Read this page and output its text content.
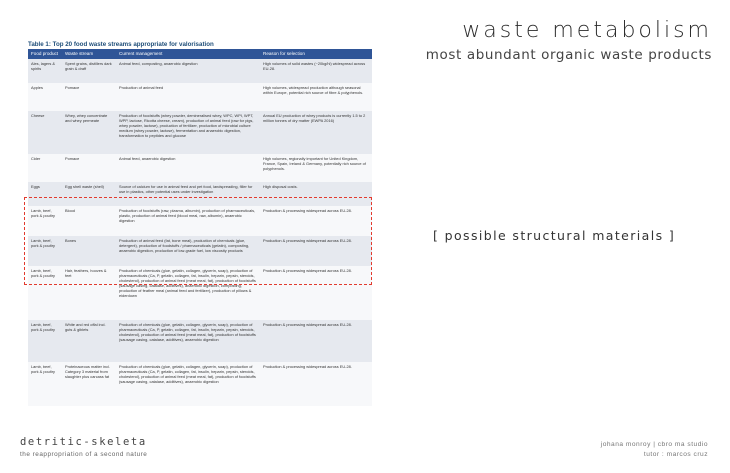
waste metabolism
most abundant organic waste products
Table 1: Top 20 food waste streams appropriate for valorisation
Food product	Waste stream	Current management	Reason for selection
Ales, lagers & spirits	Spent grains, distillers dark grain & draff	Animal feed, composting, anaerobic digestion	High volumes of solid wastes (~20kg/hl) widespread across EU-28.
Apples	Pomace	Production of animal feed	High volumes, widespread production although seasonal within Europe, potential rich source of fibre & polyphenols.
Cheese	Whey, whey concentrate and whey permeate	Production of foodstuffs (whey powder, demineralised whey, WPC, WPI, WPT, WPP, lactose, Ricotta cheese, cream), production of animal feed (raw for pigs, whey powder, lactose), production of fertilizer, production of microbial culture medium (whey powder, lactose), fermentation and anaerobic digestion, transformation to peptides and glucose	Annual EU production of whey products is currently 1.5 to 2 million tonnes of dry matter (EWPA 2016)
Cider	Pomace	Animal feed, anaerobic digestion	High volumes, regionally important for United Kingdom, France, Spain, Ireland & Germany, potentially rich source of polyphenols.
Eggs	Egg shell waste (shell)	Source of calcium for use in animal feed and pet food, landspreading, filler for use in plastics, other potential uses under investigation	High disposal costs.
Lamb, beef, pork & poultry	Blood	Production of foodstuffs (raw, plasma, albumin), production of pharmaceuticals, plastic, production of animal feed (blood meal, raw, albumin), anaerobic digestion	Production & processing widespread across EU-28.
Lamb, beef, pork & poultry	Bones	Production of animal feed (fat, bone meal), production of chemicals (glue, detergent), production of foodstuffs / pharmaceuticals (gelatin), composting, anaerobic digestion, production of low-grade fuel, low viscosity products	Production & processing widespread across EU-28.
Lamb, beef, pork & poultry	Hair, feathers, hooves & feet	Production of chemicals (glue, gelatin, collagen, glycerin, soap), production of pharmaceuticals (Ca, P, gelatin, collagen, fat, insulin, heparin, pepsin, steroids, cholesterol), production of animal feed (meat meal, fat), production of foodstuffs (sausage casing, catalase, additives), anaerobic digestion, composting, production of feather meal (animal feed and fertilizer), production of pillows & eiderdown	Production & processing widespread across EU-28.
Lamb, beef, pork & poultry	White and red offal incl. guts & giblets	Production of chemicals (glue, gelatin, collagen, glycerin, soap), production of pharmaceuticals (Ca, P, gelatin, collagen, fat, insulin, heparin, pepsin, steroids, cholesterol), production of animal feed (meat meal, fat), production of foodstuffs (sausage casing, catalase, additives), anaerobic digestion	Production & processing widespread across EU-28.
Lamb, beef, pork & poultry	Proteinaceous matter incl. Category 3 material from slaughter plus carcass fat	Production of chemicals (glue, gelatin, collagen, glycerin, soap), production of pharmaceuticals (Ca, P, gelatin, collagen, fat, insulin, heparin, pepsin, steroids, cholesterol), production of animal feed (meat meal, fat), production of foodstuffs (sausage casing, catalase, additives), anaerobic digestion	Production & processing widespread across EU-28.
[ possible structural materials ]
detritic-skeleta
the reappropriation of a second nature
johana monroy | cbro ma studio
tutor : marcos cruz
